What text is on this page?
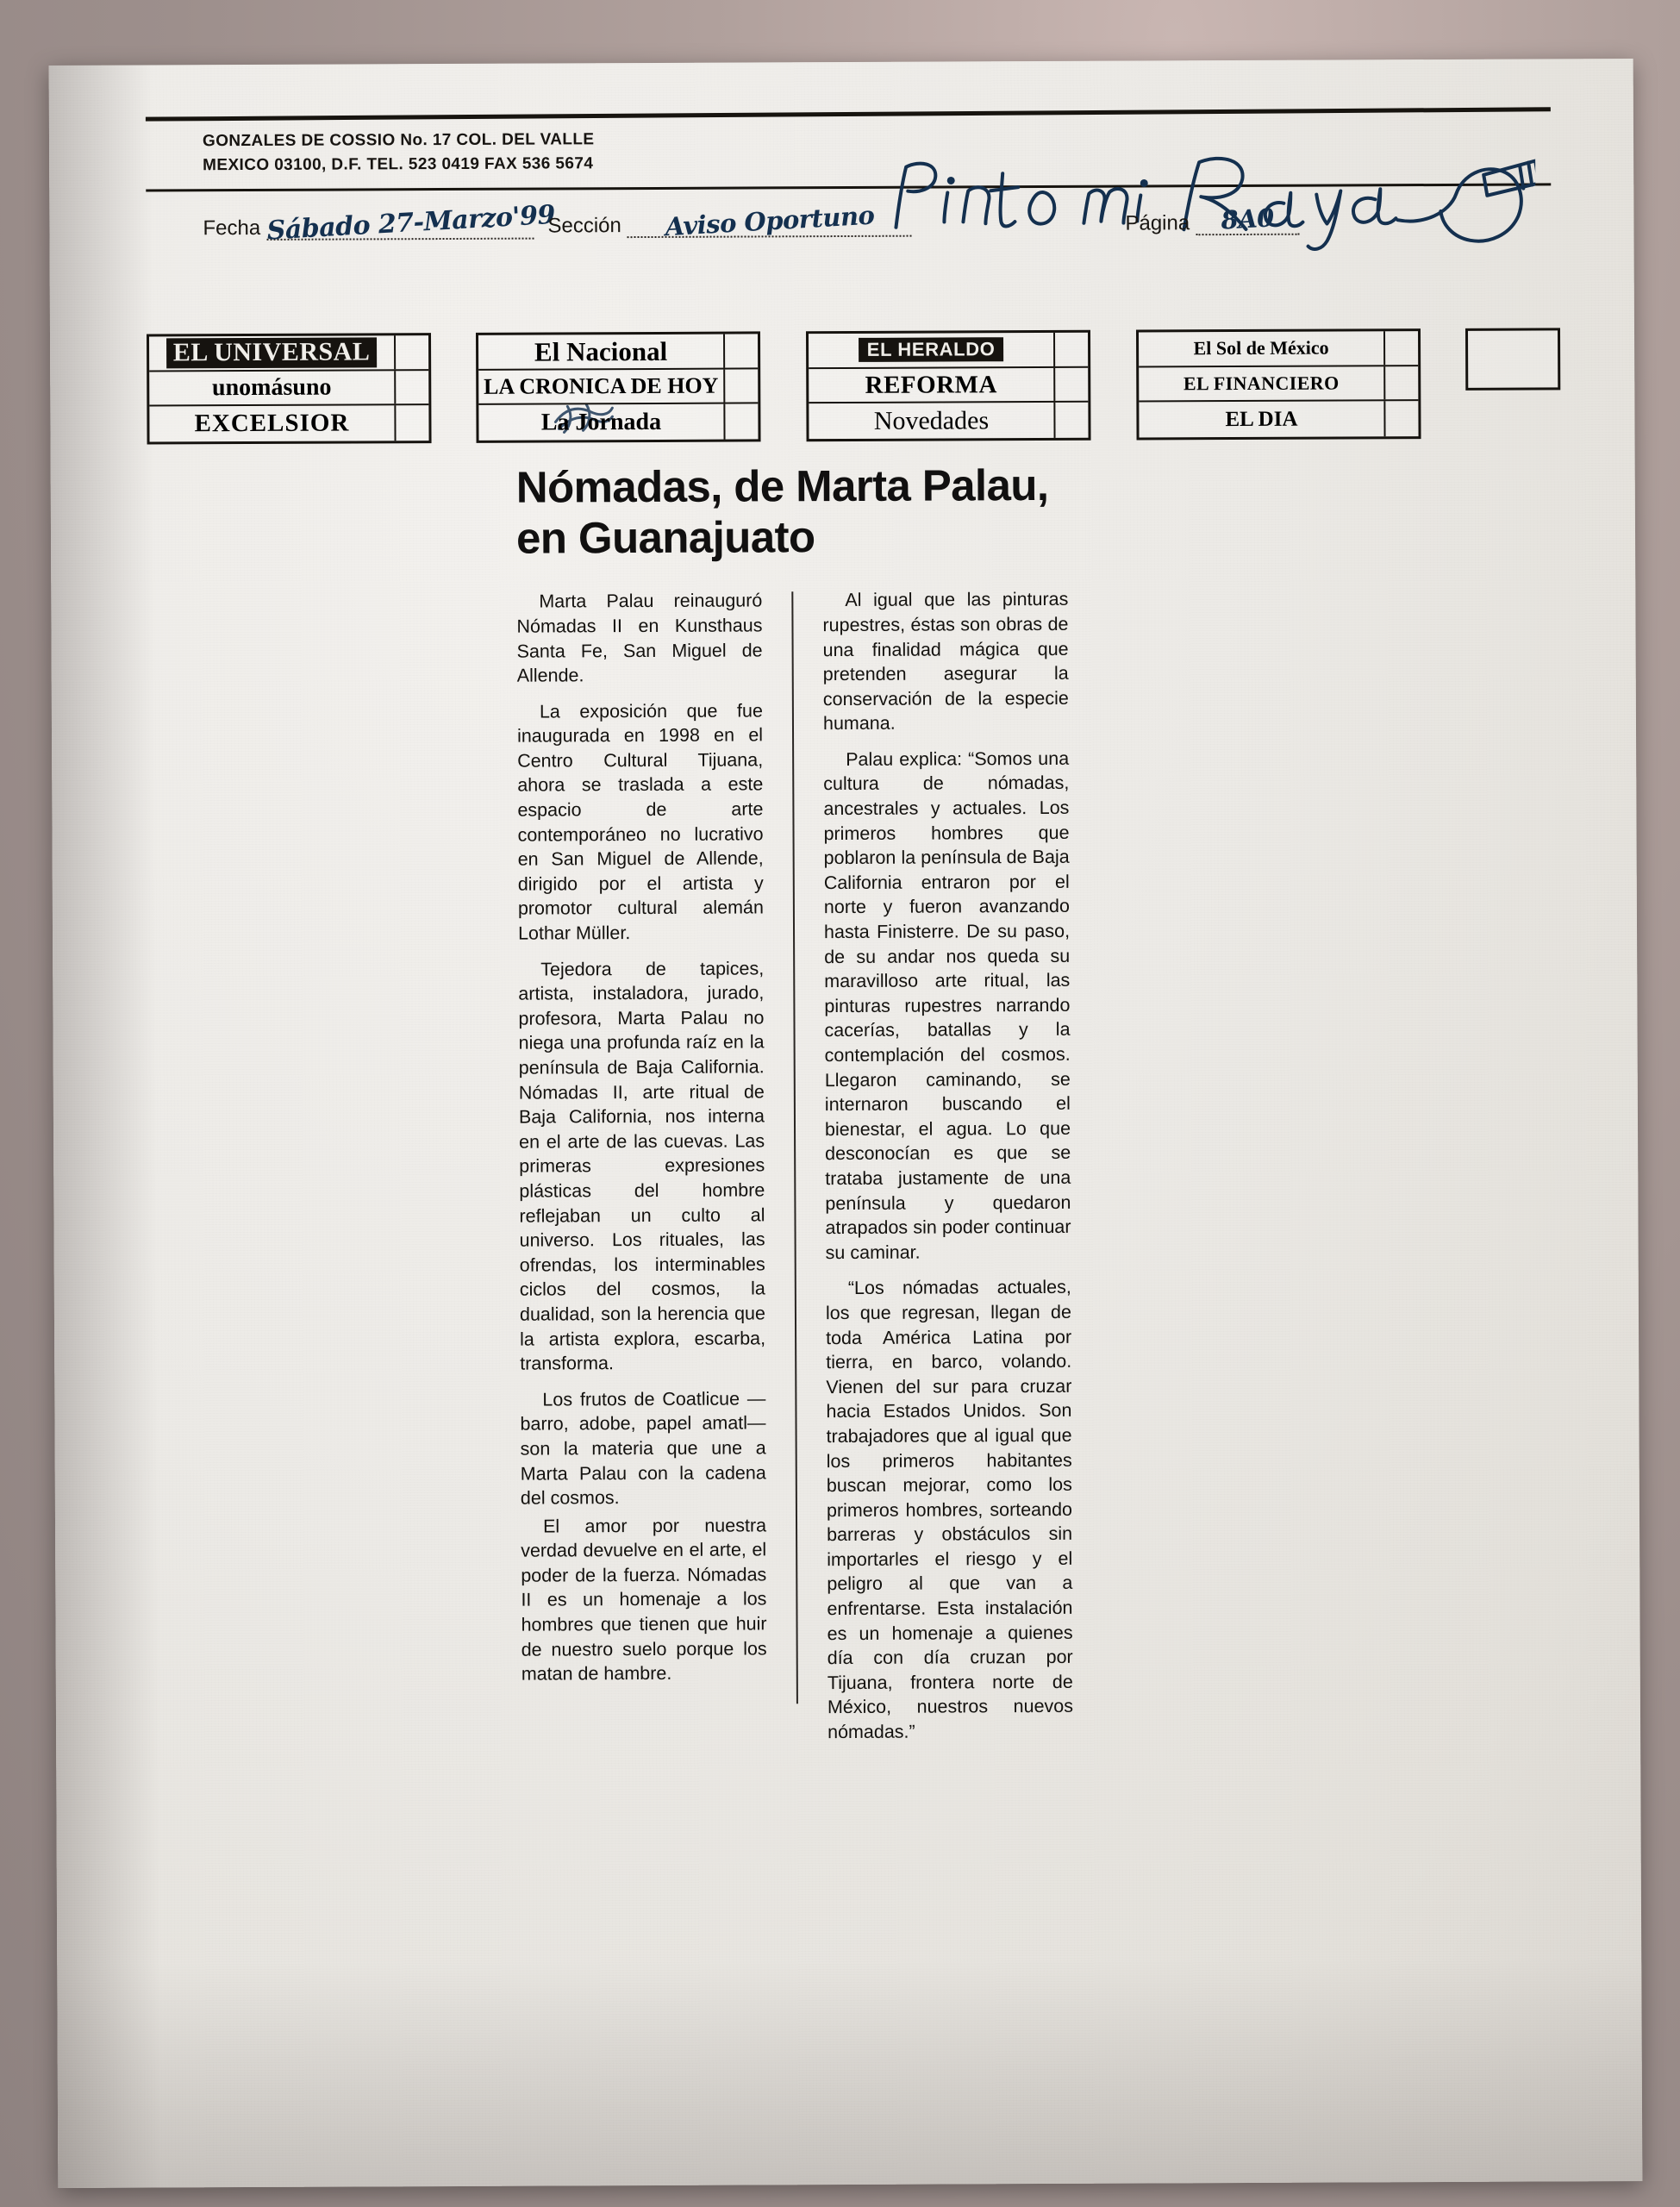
GONZALES DE COSSIO No. 17 COL. DEL VALLE
MEXICO 03100, D.F. TEL. 523 0419 FAX 536 5674
Fecha Sábado 27-Marzo'99
Sección Aviso Oportuno	Página 8A0
EL UNIVERSAL
unomásuno
EXCELSIOR
El Nacional
LA CRONICA DE HOY
La Jornada
EL HERALDO
REFORMA
Novedades
El Sol de México
EL FINANCIERO
EL DIA
Nómadas, de Marta Palau, en Guanajuato

Marta Palau reinauguró Nómadas II en Kunsthaus Santa Fe, San Miguel de Allende.

La exposición que fue inaugurada en 1998 en el Centro Cultural Tijuana, ahora se traslada a este espacio de arte contemporáneo no lucrativo en San Miguel de Allende, dirigido por el artista y promotor cultural alemán Lothar Müller.

Tejedora de tapices, artista, instaladora, jurado, profesora, Marta Palau no niega una profunda raíz en la península de Baja California. Nómadas II, arte ritual de Baja California, nos interna en el arte de las cuevas. Las primeras expresiones plásticas del hombre reflejaban un culto al universo. Los rituales, las ofrendas, los interminables ciclos del cosmos, la dualidad, son la herencia que la artista explora, escarba, transforma.

Los frutos de Coatlicue —barro, adobe, papel amatl— son la materia que une a Marta Palau con la cadena del cosmos.

El amor por nuestra verdad devuelve en el arte, el poder de la fuerza. Nómadas II es un homenaje a los hombres que tienen que huir de nuestro suelo porque los matan de hambre.

Al igual que las pinturas rupestres, éstas son obras de una finalidad mágica que pretenden asegurar la conservación de la especie humana.

Palau explica: “Somos una cultura de nómadas, ancestrales y actuales. Los primeros hombres que poblaron la península de Baja California entraron por el norte y fueron avanzando hasta Finisterre. De su paso, de su andar nos queda su maravilloso arte ritual, las pinturas rupestres narrando cacerías, batallas y la contemplación del cosmos. Llegaron caminando, se internaron buscando el bienestar, el agua. Lo que desconocían es que se trataba justamente de una península y quedaron atrapados sin poder continuar su caminar.

“Los nómadas actuales, los que regresan, llegan de toda América Latina por tierra, en barco, volando. Vienen del sur para cruzar hacia Estados Unidos. Son trabajadores que al igual que los primeros habitantes buscan mejorar, como los primeros hombres, sorteando barreras y obstáculos sin importarles el riesgo y el peligro al que van a enfrentarse. Esta instalación es un homenaje a quienes día con día cruzan por Tijuana, frontera norte de México, nuestros nuevos nómadas.”
